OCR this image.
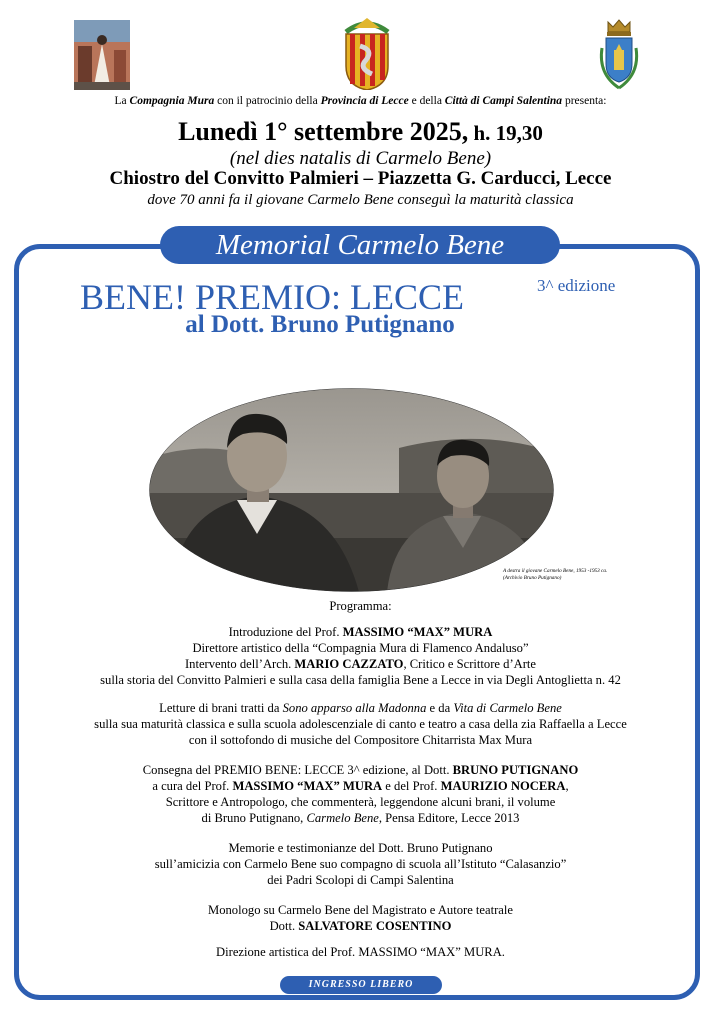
La Compagnia Mura con il patrocinio della Provincia di Lecce e della Città di Campi Salentina presenta:
Lunedì 1° settembre 2025, h. 19,30
(nel dies natalis di Carmelo Bene)
Chiostro del Convitto Palmieri – Piazzetta G. Carducci, Lecce
dove 70 anni fa il giovane Carmelo Bene conseguì la maturità classica
Memorial Carmelo Bene
BENE! PREMIO: LECCE	3^ edizione
al Dott. Bruno Putignano
A destra il giovane Carmelo Bene, 1953 -1953 ca.
(Archivio Bruno Putignano)
Programma:
Introduzione del Prof. MASSIMO “MAX” MURA
Direttore artistico della “Compagnia Mura di Flamenco Andaluso”
Intervento dell’Arch. MARIO CAZZATO, Critico e Scrittore d’Arte
sulla storia del Convitto Palmieri e sulla casa della famiglia Bene a Lecce in via Degli Antoglietta n. 42
Letture di brani tratti da Sono apparso alla Madonna e da Vita di Carmelo Bene
sulla sua maturità classica e sulla scuola adolescenziale di canto e teatro a casa della zia Raffaella a Lecce
con il sottofondo di musiche del Compositore Chitarrista Max Mura
Consegna del PREMIO BENE: LECCE 3^ edizione, al Dott. BRUNO PUTIGNANO
a cura del Prof. MASSIMO “MAX” MURA e del Prof. MAURIZIO NOCERA,
Scrittore e Antropologo, che commenterà, leggendone alcuni brani, il volume
di Bruno Putignano, Carmelo Bene, Pensa Editore, Lecce 2013
Memorie e testimonianze del Dott. Bruno Putignano
sull’amicizia con Carmelo Bene suo compagno di scuola all’Istituto “Calasanzio”
dei Padri Scolopi di Campi Salentina
Monologo su Carmelo Bene del Magistrato e Autore teatrale
Dott. SALVATORE COSENTINO
Direzione artistica del Prof. MASSIMO “MAX” MURA.
INGRESSO LIBERO
